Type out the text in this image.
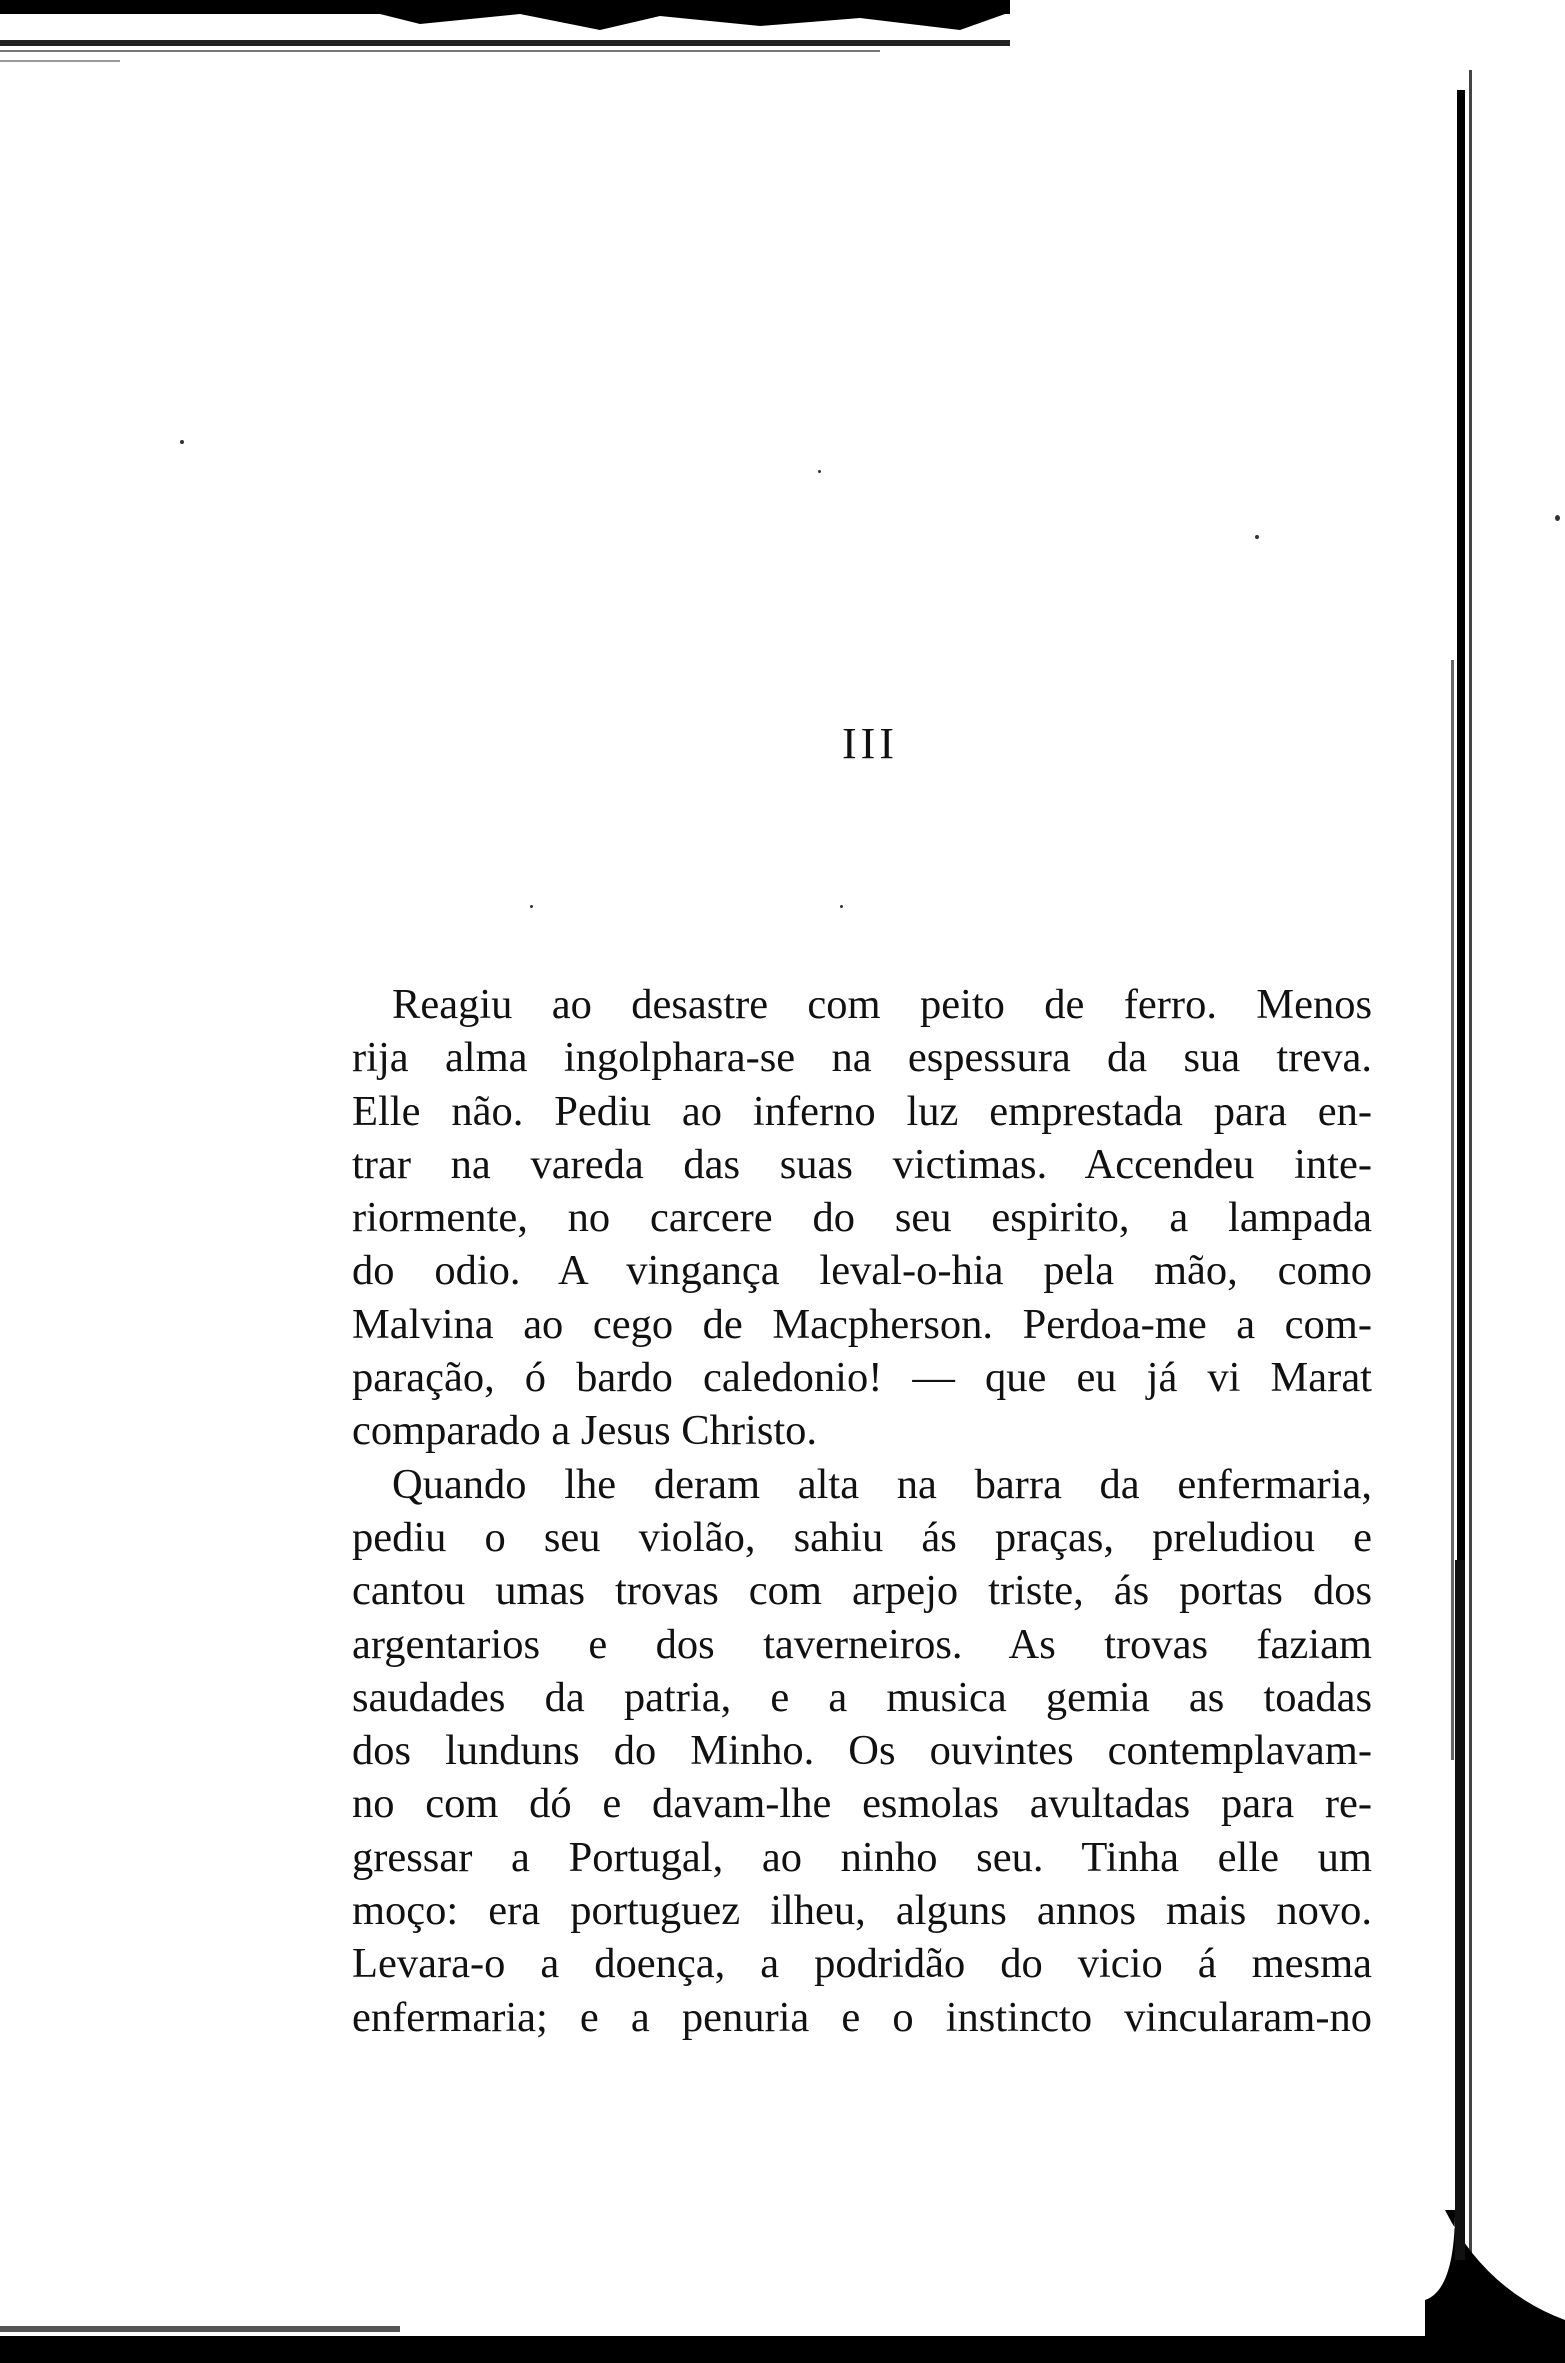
III
Reagiu ao desastre com peito de ferro. Menos
rija alma ingolphara-se na espessura da sua treva.
Elle não. Pediu ao inferno luz emprestada para en-
trar na vareda das suas victimas. Accendeu inte-
riormente, no carcere do seu espirito, a lampada
do odio. A vingança leval-o-hia pela mão, como
Malvina ao cego de Macpherson. Perdoa-me a com-
paração, ó bardo caledonio! — que eu já vi Marat
comparado a Jesus Christo.
Quando lhe deram alta na barra da enfermaria,
pediu o seu violão, sahiu ás praças, preludiou e
cantou umas trovas com arpejo triste, ás portas dos
argentarios e dos taverneiros. As trovas faziam
saudades da patria, e a musica gemia as toadas
dos lunduns do Minho. Os ouvintes contemplavam-
no com dó e davam-lhe esmolas avultadas para re-
gressar a Portugal, ao ninho seu. Tinha elle um
moço: era portuguez ilheu, alguns annos mais novo.
Levara-o a doença, a podridão do vicio á mesma
enfermaria; e a penuria e o instincto vincularam-no
